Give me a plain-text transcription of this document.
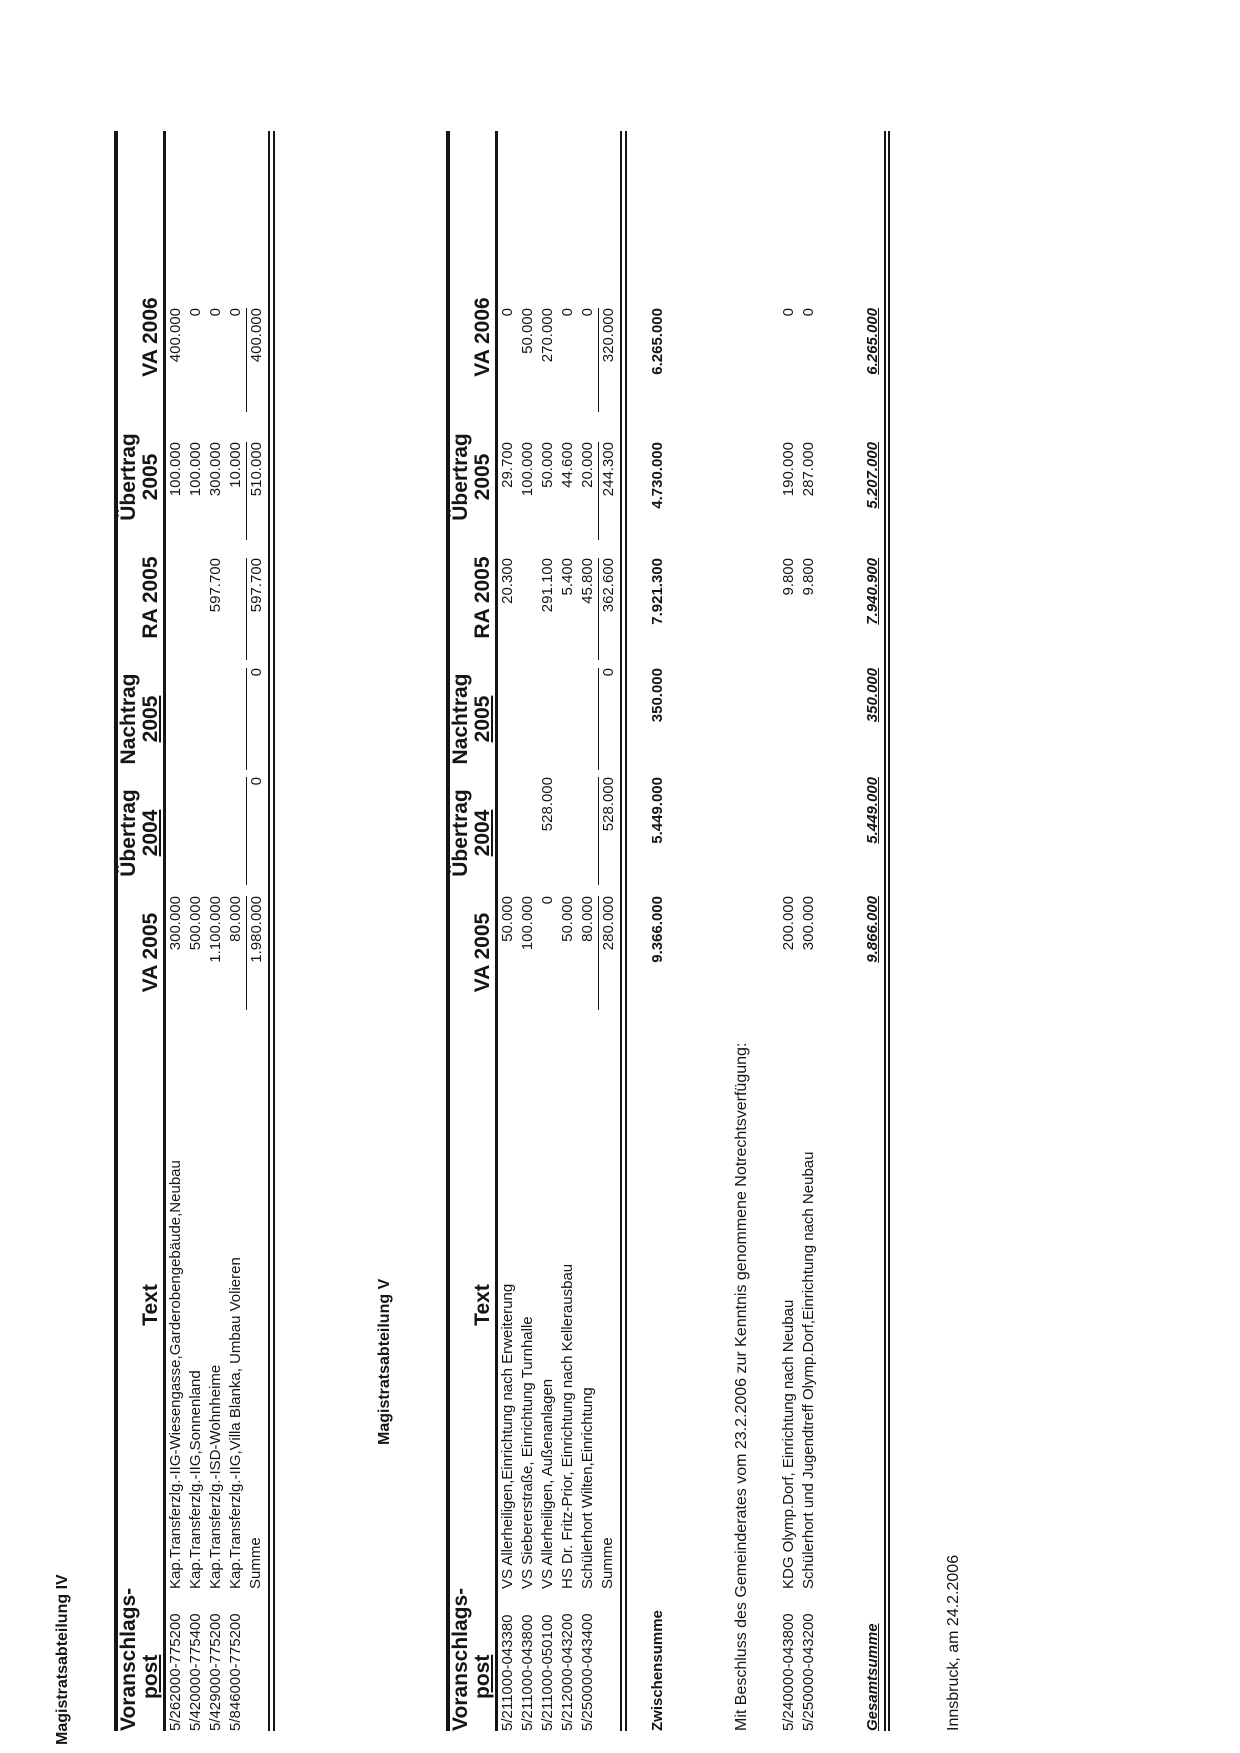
Magistratsabteilung IV Voranschlags- post
Text
VA 2005
Übertrag 2004
Nachtrag 2005
RA 2005
Übertrag 2005
VA 2006
5/262000-775200
Kap.Transferzlg.-IIG-Wiesengasse,Garderobengebäude,Neubau
300.000
100.000
400.000
5/420000-775400
Kap.Transferzlg.-IIG,Sonnenland
500.000
100.000
0
5/429000-775200
Kap.Transferzlg.-ISD-Wohnheime
1.100.000
597.700
300.000
0
5/846000-775200
Kap.Transferzlg.-IIG,Villa Blanka, Umbau Volieren
80.000
10.000
0
Summe
1.980.000
0
0
597.700
510.000
400.000
Magistratsabteilung V
Voranschlags- post
Text
VA 2005
Übertrag 2004
Nachtrag 2005
RA 2005
Übertrag 2005
VA 2006
5/211000-043380
VS Allerheiligen,Einrichtung nach Erweiterung
50.000
20.300
29.700
0
5/211000-043800
VS Siebererstraße, Einrichtung Turnhalle
100.000
100.000
50.000
5/211000-050100
VS Allerheiligen, Außenanlagen
0
528.000
291.100
50.000
270.000
5/212000-043200
HS Dr. Fritz-Prior, Einrichtung nach Kellerausbau
50.000
5.400
44.600
0
5/250000-043400
Schülerhort Wilten,Einrichtung
80.000
45.800
20.000
0
Summe
280.000
528.000
0
362.600
244.300
320.000
Zwischensumme
9.366.000
5.449.000
350.000
7.921.300
4.730.000
6.265.000
Mit Beschluss des Gemeinderates vom 23.2.2006 zur Kenntnis genommene Notrechtsverfügung: 5/240000-043800
KDG Olymp.Dorf, Einrichtung nach Neubau
200.000
9.800
190.000
0
5/250000-043200
Schülerhort und Jugendtreff Olymp.Dorf,Einrichtung nach Neubau
300.000
9.800
287.000
0
Gesamtsumme
9.866.000
5.449.000
350.000
7.940.900
5.207.000
6.265.000
Innsbruck, am 24.2.2006
